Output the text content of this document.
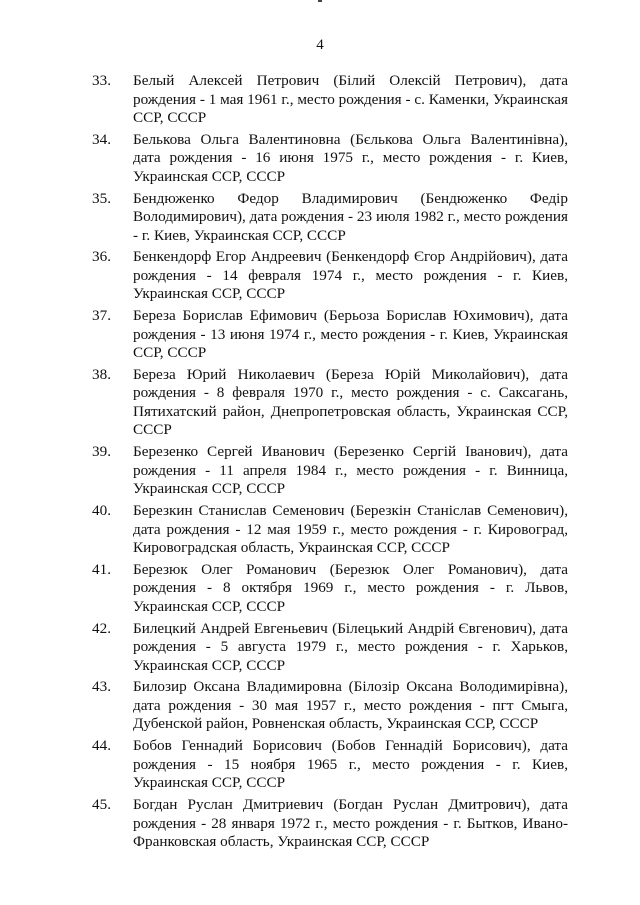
4
33.	Белый Алексей Петрович (Білий Олексій Петрович), дата рождения - 1 мая 1961 г., место рождения - с. Каменки, Украинская ССР, СССР
34.	Белькова Ольга Валентиновна (Бєлькова Ольга Валентинівна), дата рождения - 16 июня 1975 г., место рождения - г. Киев, Украинская ССР, СССР
35.	Бендюженко Федор Владимирович (Бендюженко Федір Володимирович), дата рождения - 23 июля 1982 г., место рождения - г. Киев, Украинская ССР, СССР
36.	Бенкендорф Егор Андреевич (Бенкендорф Єгор Андрійович), дата рождения - 14 февраля 1974 г., место рождения - г. Киев, Украинская ССР, СССР
37.	Береза Борислав Ефимович (Берьоза Борислав Юхимович), дата рождения - 13 июня 1974 г., место рождения - г. Киев, Украинская ССР, СССР
38.	Береза Юрий Николаевич (Береза Юрій Миколайович), дата рождения - 8 февраля 1970 г., место рождения - с. Саксагань, Пятихатский район, Днепропетровская область, Украинская ССР, СССР
39.	Березенко Сергей Иванович (Березенко Сергій Іванович), дата рождения - 11 апреля 1984 г., место рождения - г. Винница, Украинская ССР, СССР
40.	Березкин Станислав Семенович (Березкін Станіслав Семенович), дата рождения - 12 мая 1959 г., место рождения - г. Кировоград, Кировоградская область, Украинская ССР, СССР
41.	Березюк Олег Романович (Березюк Олег Романович), дата рождения - 8 октября 1969 г., место рождения - г. Львов, Украинская ССР, СССР
42.	Билецкий Андрей Евгеньевич (Білецький Андрій Євгенович), дата рождения - 5 августа 1979 г., место рождения - г. Харьков, Украинская ССР, СССР
43.	Билозир Оксана Владимировна (Білозір Оксана Володимирівна), дата рождения - 30 мая 1957 г., место рождения - пгт Смыга, Дубенской район, Ровненская область, Украинская ССР, СССР
44.	Бобов Геннадий Борисович (Бобов Геннадій Борисович), дата рождения - 15 ноября 1965 г., место рождения - г. Киев, Украинская ССР, СССР
45.	Богдан Руслан Дмитриевич (Богдан Руслан Дмитрович), дата рождения - 28 января 1972 г., место рождения - г. Бытков, Ивано-Франковская область, Украинская ССР, СССР
